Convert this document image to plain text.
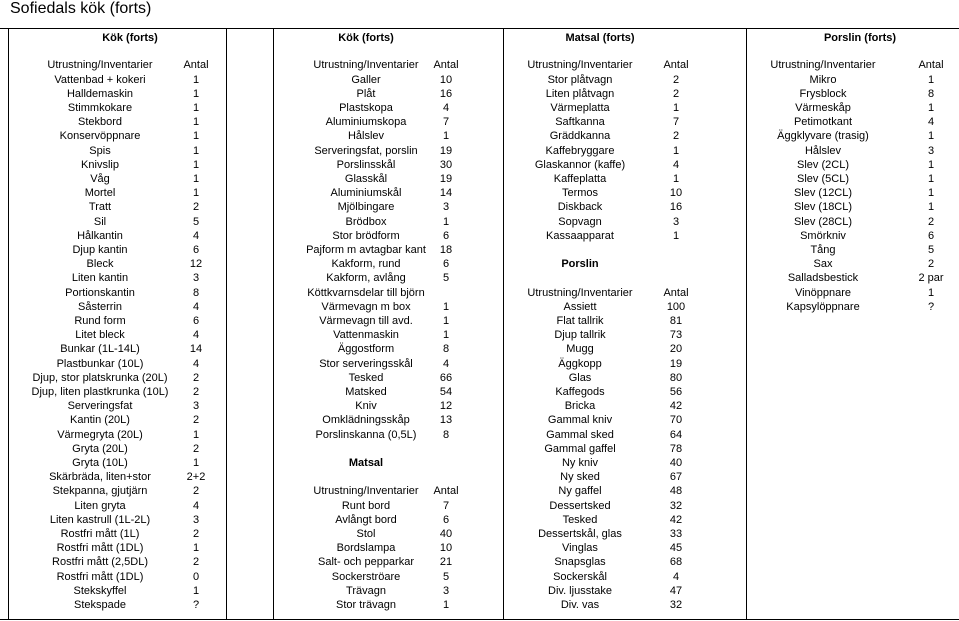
Sofiedals kök (forts)
Kök (forts)	Kök (forts)	Matsal (forts)	Porslin (forts)
Utrustning/Inventarier	Antal	Utrustning/Inventarier	Antal	Utrustning/Inventarier	Antal	Utrustning/Inventarier	Antal
Vattenbad + kokeri	1
Halldemaskin	1
Stimmkokare	1
Stekbord	1
Konservöppnare	1
Spis	1
Knivslip	1
Våg	1
Mortel	1
Tratt	2
Sil	5
Hålkantin	4
Djup kantin	6
Bleck	12
Liten kantin	3
Portionskantin	8
Såsterrin	4
Rund form	6
Litet bleck	4
Bunkar (1L-14L)	14
Plastbunkar (10L)	4
Djup, stor platskrunka (20L)	2
Djup, liten plastkrunka (10L)	2
Serveringsfat	3
Kantin (20L)	2
Värmegryta (20L)	1
Gryta (20L)	2
Gryta (10L)	1
Skärbräda, liten+stor	2+2
Stekpanna, gjutjärn	2
Liten gryta	4
Liten kastrull (1L-2L)	3
Rostfri mått (1L)	2
Rostfri mått (1DL)	1
Rostfri mått (2,5DL)	2
Rostfri mått (1DL)	0
Stekskyffel	1
Stekspade	?
Galler	10
Plåt	16
Plastskopa	4
Aluminiumskopa	7
Hålslev	1
Serveringsfat, porslin	19
Porslinsskål	30
Glasskål	19
Aluminiumskål	14
Mjölbingare	3
Brödbox	1
Stor brödform	6
Pajform m avtagbar kant	18
Kakform, rund	6
Kakform, avlång	5
Köttkvarnsdelar till björn
Värmevagn m box	1
Värmevagn till avd.	1
Vattenmaskin	1
Äggostform	8
Stor serveringsskål	4
Tesked	66
Matsked	54
Kniv	12
Omklädningsskåp	13
Porslinskanna (0,5L)	8
Matsal
Utrustning/Inventarier	Antal
Runt bord	7
Avlångt bord	6
Stol	40
Bordslampa	10
Salt- och pepparkar	21
Sockerströare	5
Trävagn	3
Stor trävagn	1
Stor plåtvagn	2
Liten plåtvagn	2
Värmeplatta	1
Saftkanna	7
Gräddkanna	2
Kaffebryggare	1
Glaskannor (kaffe)	4
Kaffeplatta	1
Termos	10
Diskback	16
Sopvagn	3
Kassaapparat	1
Porslin
Utrustning/Inventarier	Antal
Assiett	100
Flat tallrik	81
Djup tallrik	73
Mugg	20
Äggkopp	19
Glas	80
Kaffegods	56
Bricka	42
Gammal kniv	70
Gammal sked	64
Gammal gaffel	78
Ny kniv	40
Ny sked	67
Ny gaffel	48
Dessertsked	32
Tesked	42
Dessertskål, glas	33
Vinglas	45
Snapsglas	68
Sockerskål	4
Div. ljusstake	47
Div. vas	32
Mikro	1
Frysblock	8
Värmeskåp	1
Petimotkant	4
Äggklyvare (trasig)	1
Hålslev	3
Slev (2CL)	1
Slev (5CL)	1
Slev (12CL)	1
Slev (18CL)	1
Slev (28CL)	2
Smörkniv	6
Tång	5
Sax	2
Salladsbestick	2 par
Vinöppnare	1
Kapsylöppnare	?
